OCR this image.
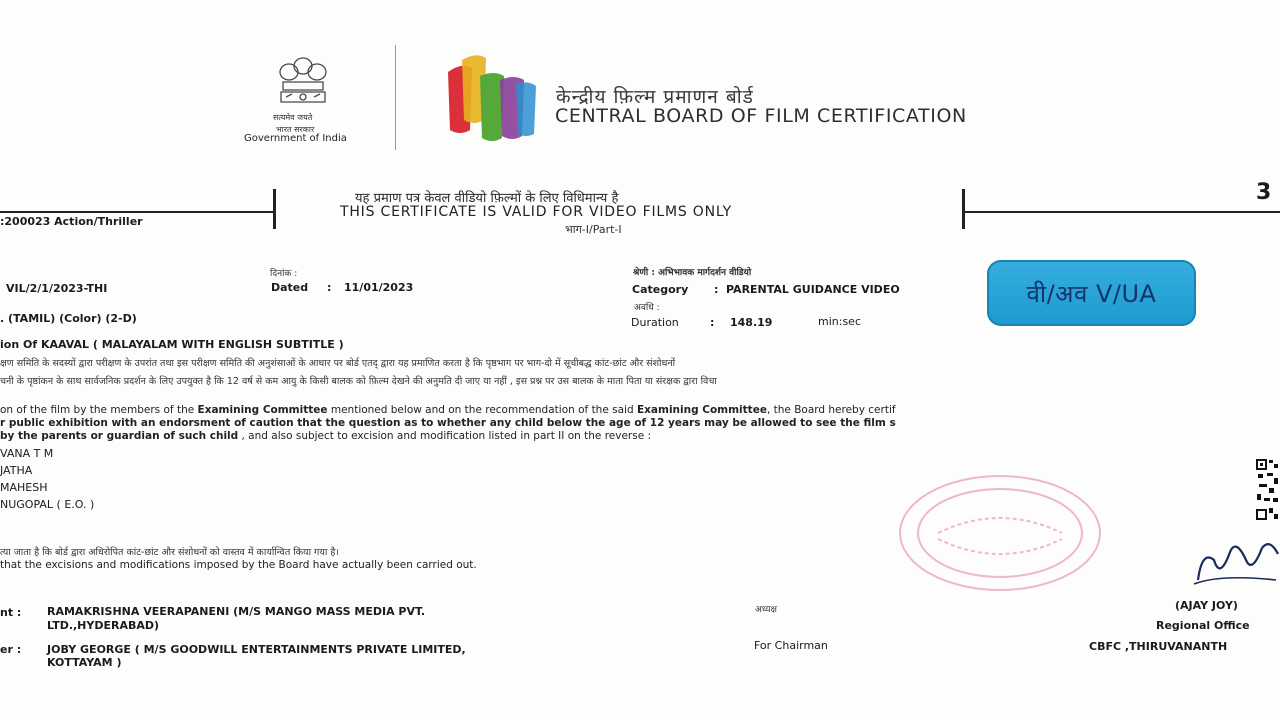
सत्यमेव जयते
भारत सरकार
Government of India
केन्द्रीय फ़िल्म प्रमाणन बोर्ड
CENTRAL BOARD OF FILM CERTIFICATION
यह प्रमाण पत्र केवल वीडियो फ़िल्मों के लिए विधिमान्य है
THIS CERTIFICATE IS VALID FOR VIDEO FILMS ONLY
भाग-I/Part-I
3
:200023 Action/Thriller
VIL/2/1/2023-THI
दिनांक :
Dated : 11/01/2023
श्रेणी : अभिभावक मार्गदर्शन वीडियो
Category : PARENTAL GUIDANCE VIDEO
अवधि :
Duration	: 148.19	min:sec
. (TAMIL) (Color) (2-D)
ion Of KAAVAL ( MALAYALAM WITH ENGLISH SUBTITLE )
वी/अव V/UA
क्षण समिति के सदस्यों द्वारा परीक्षण के उपरांत तथा इस परीक्षण समिति की अनुशंसाओं के आधार पर बोर्ड एतद् द्वारा यह प्रमाणित करता है कि पृष्ठभाग पर भाग-दो में सूचीबद्ध कांट-छांट और संशोधनों
चनी के पृष्ठांकन के साथ सार्वजनिक प्रदर्शन के लिए उपयुक्त है कि 12 वर्ष से कम आयु के किसी बालक को फ़िल्म देखने की अनुमति दी जाए या नहीं , इस प्रश्न पर उस बालक के माता पिता या संरक्षक द्वारा विचा
on of the film by the members of the Examining Committee mentioned below and on the recommendation of the said Examining Committee, the Board hereby certif
r public exhibition with an endorsment of caution that the question as to whether any child below the age of 12 years may be allowed to see the film s
by the parents or guardian of such child , and also subject to excision and modification listed in part II on the reverse :
VANA T M
JATHA
MAHESH
NUGOPAL ( E.O. )
त्या जाता है कि बोर्ड द्वारा अधिरोपित कांट-छांट और संशोधनों को वास्तव में कार्यान्वित किया गया है।
that the excisions and modifications imposed by the Board have actually been carried out.
nt : RAMAKRISHNA VEERAPANENI (M/S MANGO MASS MEDIA PVT.
LTD.,HYDERABAD)
er : JOBY GEORGE ( M/S GOODWILL ENTERTAINMENTS PRIVATE LIMITED,
KOTTAYAM )
अध्यक्ष
For Chairman
(AJAY JOY)
Regional Office
CBFC ,THIRUVANANTH
